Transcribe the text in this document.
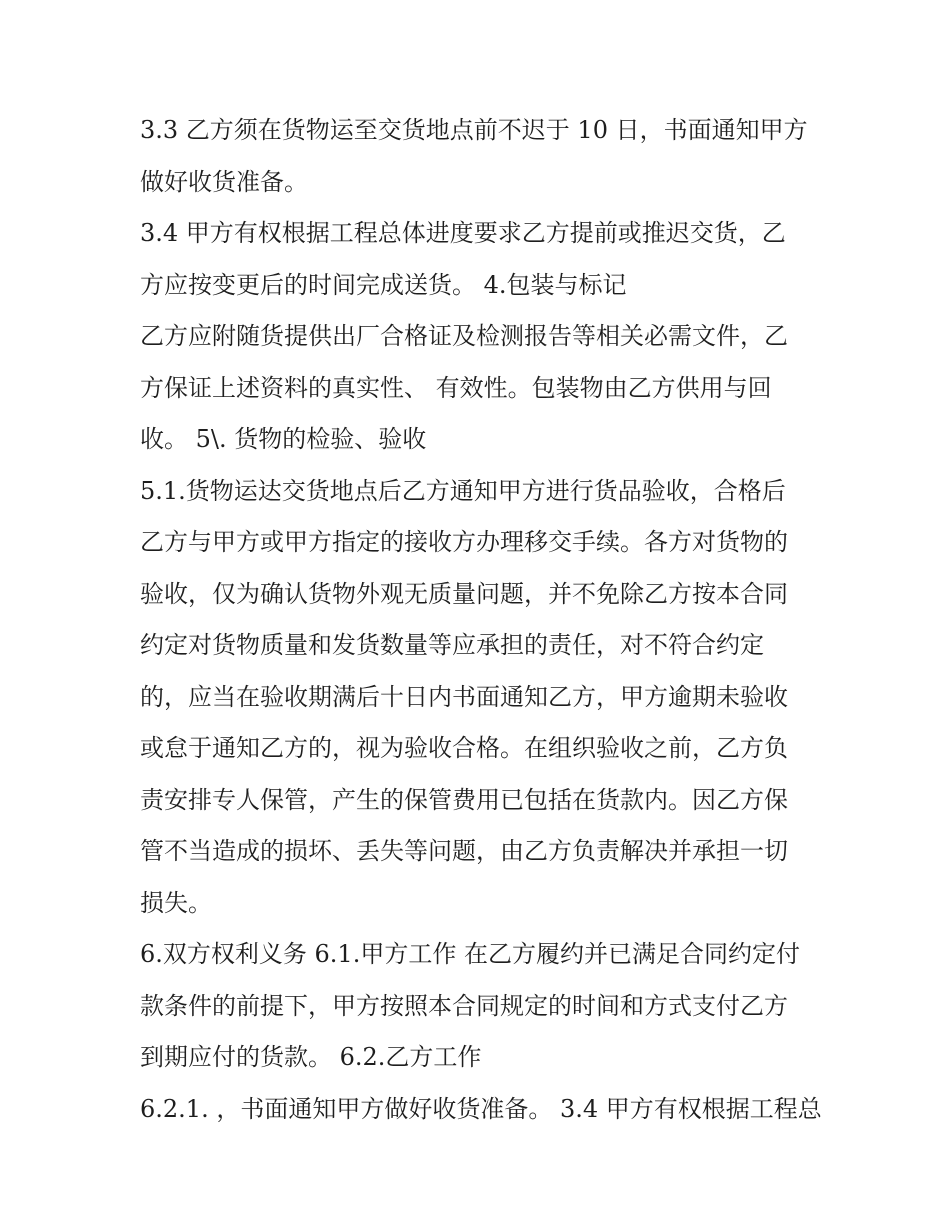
3.3 乙方须在货物运至交货地点前不迟于 10 日，书面通知甲方
做好收货准备。
3.4 甲方有权根据工程总体进度要求乙方提前或推迟交货，乙
方应按变更后的时间完成送货。 4.包装与标记
乙方应附随货提供出厂合格证及检测报告等相关必需文件，乙
方保证上述资料的真实性、 有效性。包装物由乙方供用与回
收。 5\. 货物的检验、验收
5.1.货物运达交货地点后乙方通知甲方进行货品验收，合格后
乙方与甲方或甲方指定的接收方办理移交手续。各方对货物的
验收，仅为确认货物外观无质量问题，并不免除乙方按本合同
约定对货物质量和发货数量等应承担的责任，对不符合约定
的，应当在验收期满后十日内书面通知乙方，甲方逾期未验收
或怠于通知乙方的，视为验收合格。在组织验收之前，乙方负
责安排专人保管，产生的保管费用已包括在货款内。因乙方保
管不当造成的损坏、丢失等问题，由乙方负责解决并承担一切
损失。
6.双方权利义务 6.1.甲方工作 在乙方履约并已满足合同约定付
款条件的前提下，甲方按照本合同规定的时间和方式支付乙方
到期应付的货款。 6.2.乙方工作
6.2.1. ，书面通知甲方做好收货准备。 3.4 甲方有权根据工程总
